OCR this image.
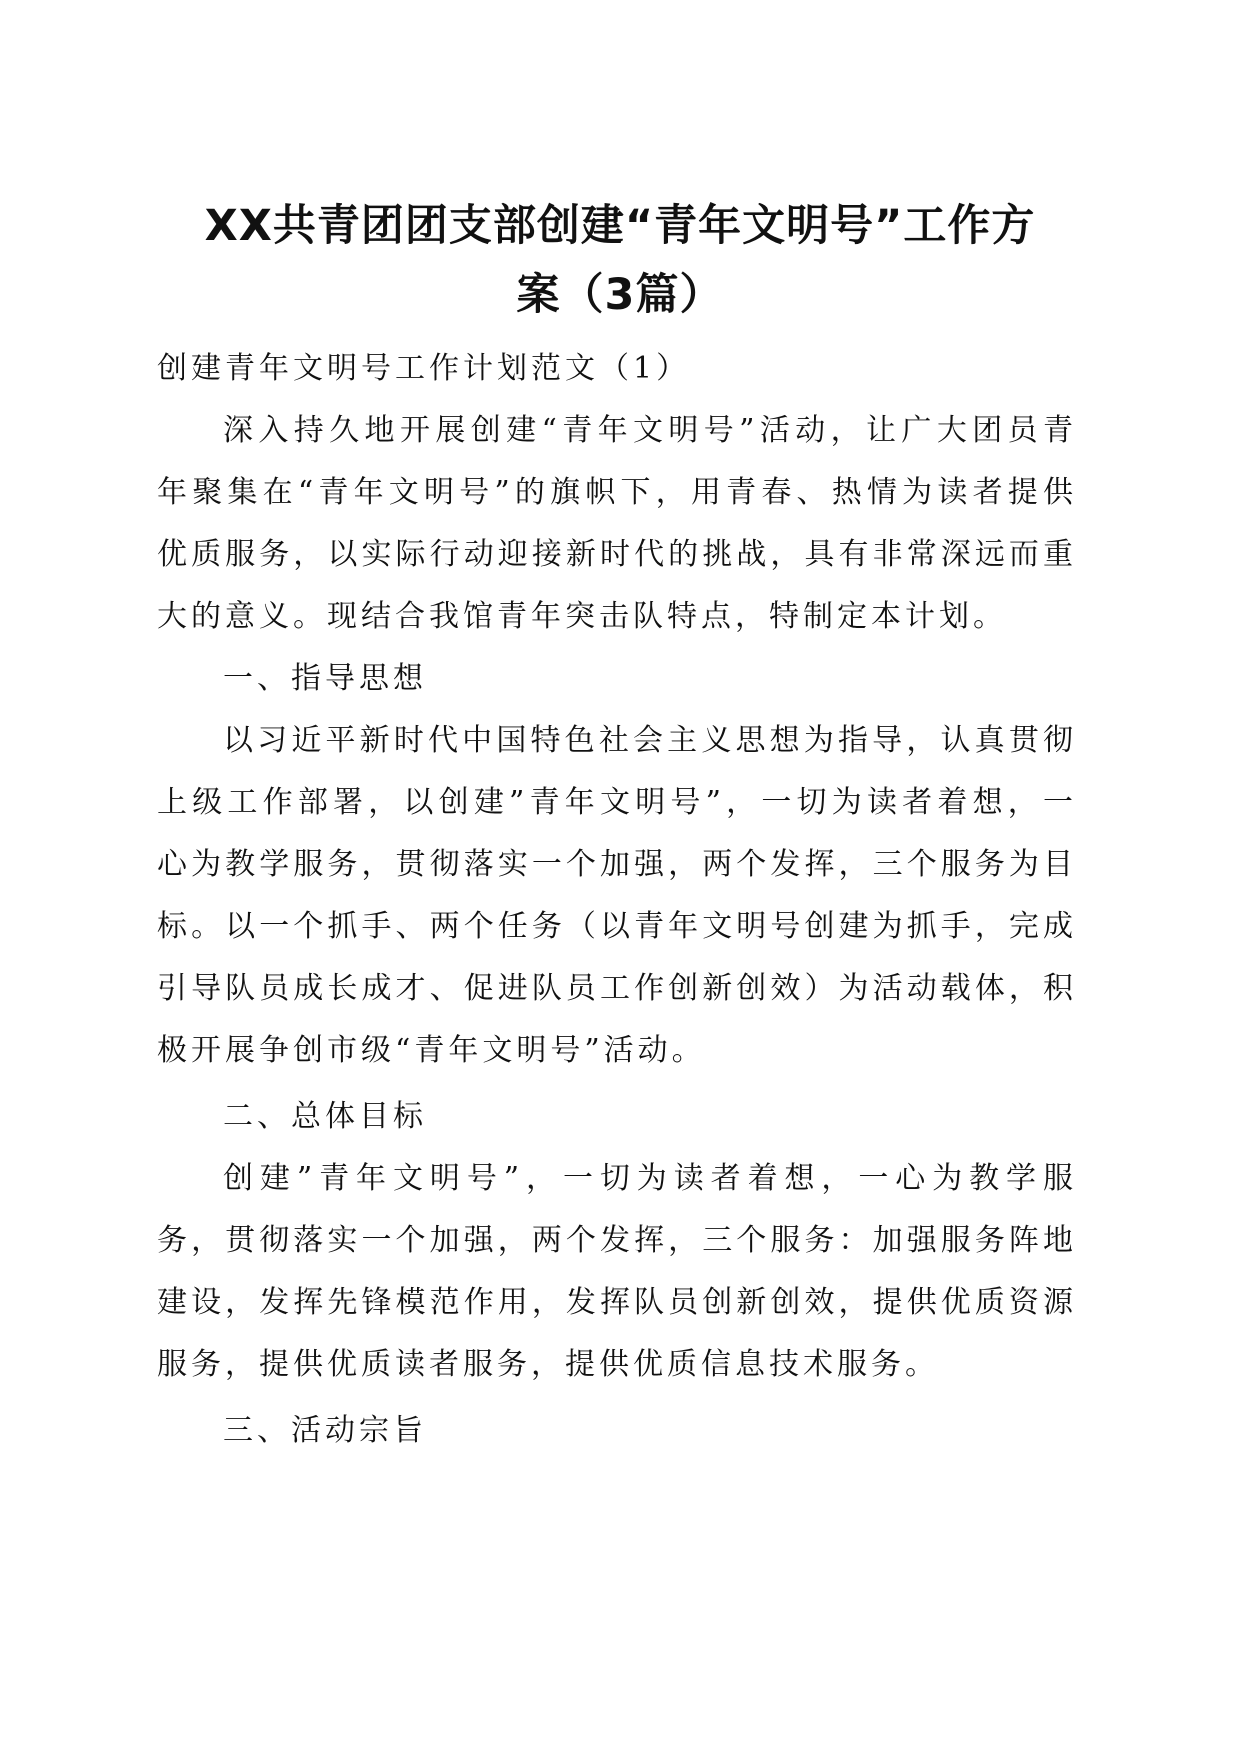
XX共青团团支部创建“青年文明号”工作方
案（3篇）

创建青年文明号工作计划范文（1）

深入持久地开展创建“青年文明号”活动，让广大团员青年聚集在“青年文明号”的旗帜下，用青春、热情为读者提供优质服务，以实际行动迎接新时代的挑战，具有非常深远而重大的意义。现结合我馆青年突击队特点，特制定本计划。

一、指导思想

以习近平新时代中国特色社会主义思想为指导，认真贯彻上级工作部署，以创建”青年文明号”，一切为读者着想，一心为教学服务，贯彻落实一个加强，两个发挥，三个服务为目标。以一个抓手、两个任务（以青年文明号创建为抓手，完成引导队员成长成才、促进队员工作创新创效）为活动载体，积极开展争创市级“青年文明号”活动。

二、总体目标

创建”青年文明号”，一切为读者着想，一心为教学服务，贯彻落实一个加强，两个发挥，三个服务：加强服务阵地建设，发挥先锋模范作用，发挥队员创新创效，提供优质资源服务，提供优质读者服务，提供优质信息技术服务。

三、活动宗旨
